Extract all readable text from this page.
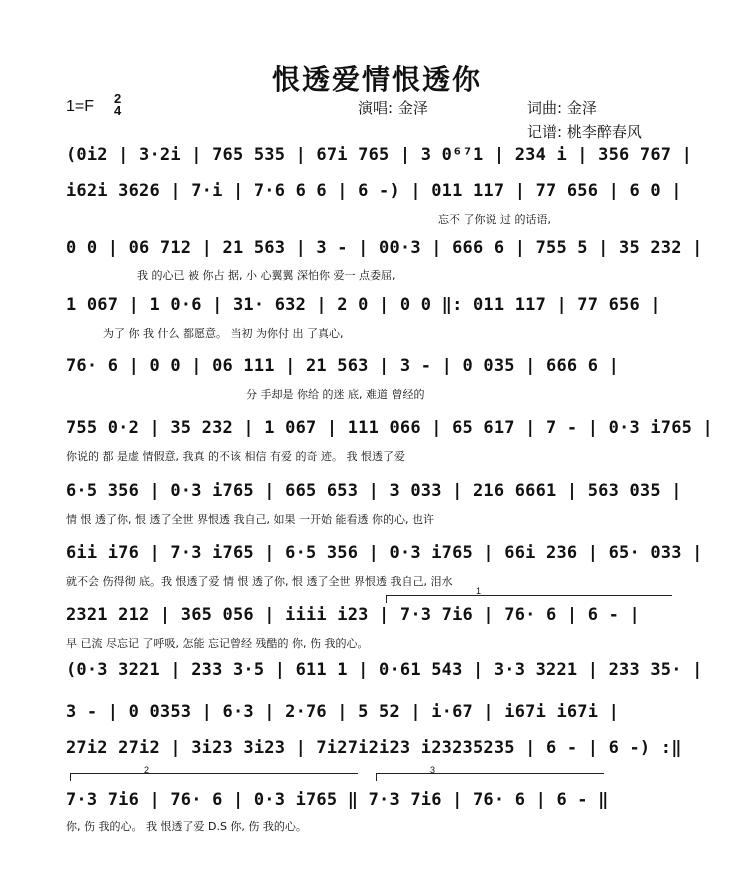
恨透爱情恨透你
1=F 2
4	演唱: 金泽	词曲: 金泽
记谱: 桃李醉春风
(0i2 | 3·2i | 765 535 | 67i 765 | 3 0⁶⁷1 | 234 i | 356 767 |
i62i 3626 | 7·i | 7·6 6 6 | 6 -) | 011 117 | 77 656 | 6 0 |
忘不 了你说 过 的话语,
0 0 | 06 712 | 21 563 | 3 - | 00·3 | 666 6 | 755 5 | 35 232 |
我 的心已 被 你占 据, 小 心翼翼 深怕你 爱一 点委屈,
1 067 | 1 0·6 | 31· 632 | 2 0 | 0 0 ‖: 011 117 | 77 656 |
为了 你 我 什么 都愿意。 当初 为你付 出 了真心,
76· 6 | 0 0 | 06 111 | 21 563 | 3 - | 0 035 | 666 6 |
分 手却是 你给 的迷 底, 难道 曾经的
755 0·2 | 35 232 | 1 067 | 111 066 | 65 617 | 7 - | 0·3 i765 |
你说的 都 是虚 情假意, 我真 的不该 相信 有爱 的奇 迹。 我 恨透了爱
6·5 356 | 0·3 i765 | 665 653 | 3 033 | 216 6661 | 563 035 |
情 恨 透了你, 恨 透了全世 界恨透 我自己, 如果 一开始 能看透 你的心, 也许
6ii i76 | 7·3 i765 | 6·5 356 | 0·3 i765 | 66i 236 | 65· 033 |
就不会 伤得彻 底。我 恨透了爱 情 恨 透了你, 恨 透了全世 界恨透 我自己, 泪水
1
2321 212 | 365 056 | iiii i23 | 7·3 7i6 | 76· 6 | 6 - |
早 已流 尽忘记 了呼吸, 怎能 忘记曾经 残酷的 你, 伤 我的心。
(0·3 3221 | 233 3·5 | 611 1 | 0·61 543 | 3·3 3221 | 233 35· |
3 - | 0 0353 | 6·3 | 2·76 | 5 52 | i·67 | i67i i67i |
27i2 27i2 | 3i23 3i23 | 7i27i2i23 i23235235 | 6 - | 6 -) :‖
2	3
7·3 7i6 | 76· 6 | 0·3 i765 ‖ 7·3 7i6 | 76· 6 | 6 - ‖
你, 伤 我的心。 我 恨透了爱 D.S 你, 伤 我的心。
